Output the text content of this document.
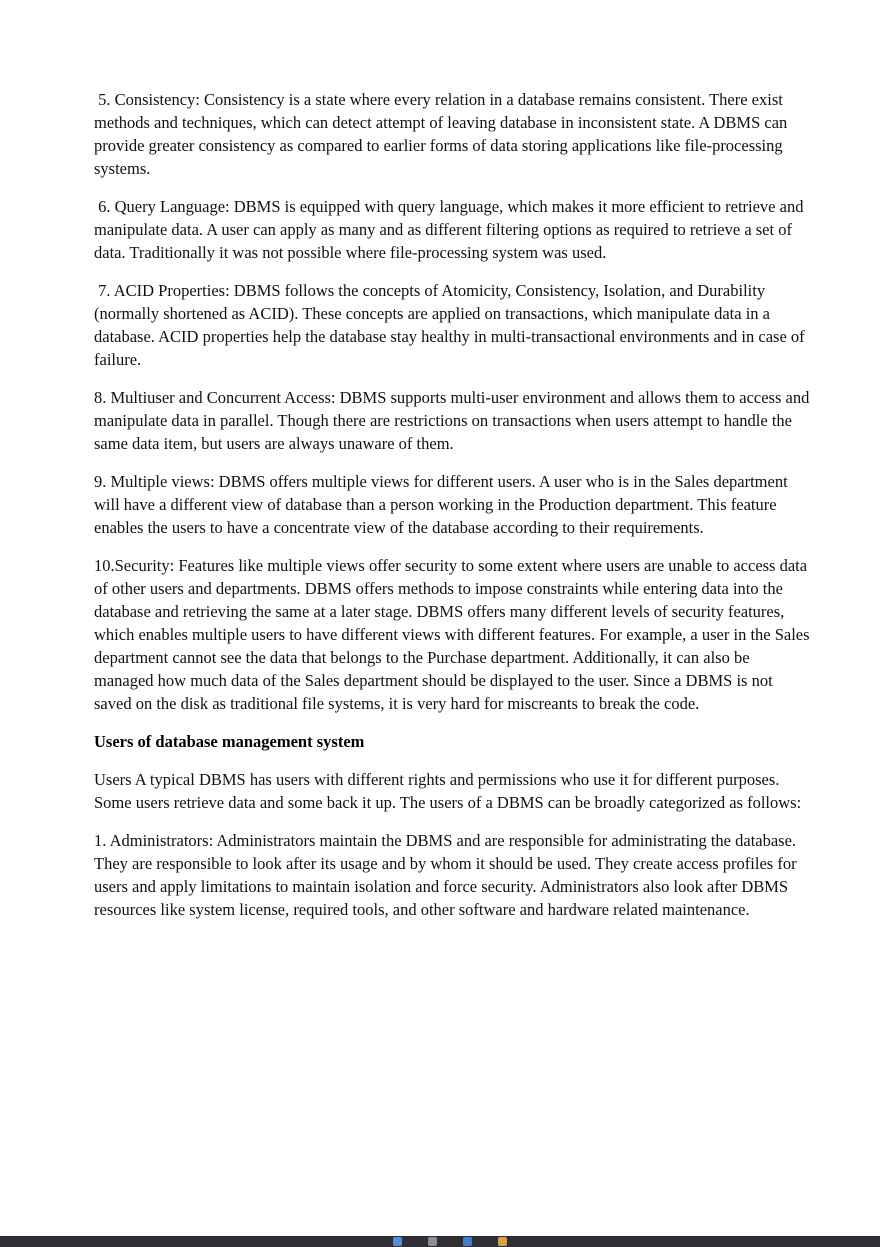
5. Consistency: Consistency is a state where every relation in a database remains consistent. There exist methods and techniques, which can detect attempt of leaving database in inconsistent state. A DBMS can provide greater consistency as compared to earlier forms of data storing applications like file-processing systems.

6. Query Language: DBMS is equipped with query language, which makes it more efficient to retrieve and manipulate data. A user can apply as many and as different filtering options as required to retrieve a set of data. Traditionally it was not possible where file-processing system was used.

7. ACID Properties: DBMS follows the concepts of Atomicity, Consistency, Isolation, and Durability (normally shortened as ACID). These concepts are applied on transactions, which manipulate data in a database. ACID properties help the database stay healthy in multi-transactional environments and in case of failure.

8. Multiuser and Concurrent Access: DBMS supports multi-user environment and allows them to access and manipulate data in parallel. Though there are restrictions on transactions when users attempt to handle the same data item, but users are always unaware of them.

9. Multiple views: DBMS offers multiple views for different users. A user who is in the Sales department will have a different view of database than a person working in the Production department. This feature enables the users to have a concentrate view of the database according to their requirements.

10.Security: Features like multiple views offer security to some extent where users are unable to access data of other users and departments. DBMS offers methods to impose constraints while entering data into the database and retrieving the same at a later stage. DBMS offers many different levels of security features, which enables multiple users to have different views with different features. For example, a user in the Sales department cannot see the data that belongs to the Purchase department. Additionally, it can also be managed how much data of the Sales department should be displayed to the user. Since a DBMS is not saved on the disk as traditional file systems, it is very hard for miscreants to break the code.

Users of database management system

Users A typical DBMS has users with different rights and permissions who use it for different purposes. Some users retrieve data and some back it up. The users of a DBMS can be broadly categorized as follows:

1. Administrators: Administrators maintain the DBMS and are responsible for administrating the database. They are responsible to look after its usage and by whom it should be used. They create access profiles for users and apply limitations to maintain isolation and force security. Administrators also look after DBMS resources like system license, required tools, and other software and hardware related maintenance.
